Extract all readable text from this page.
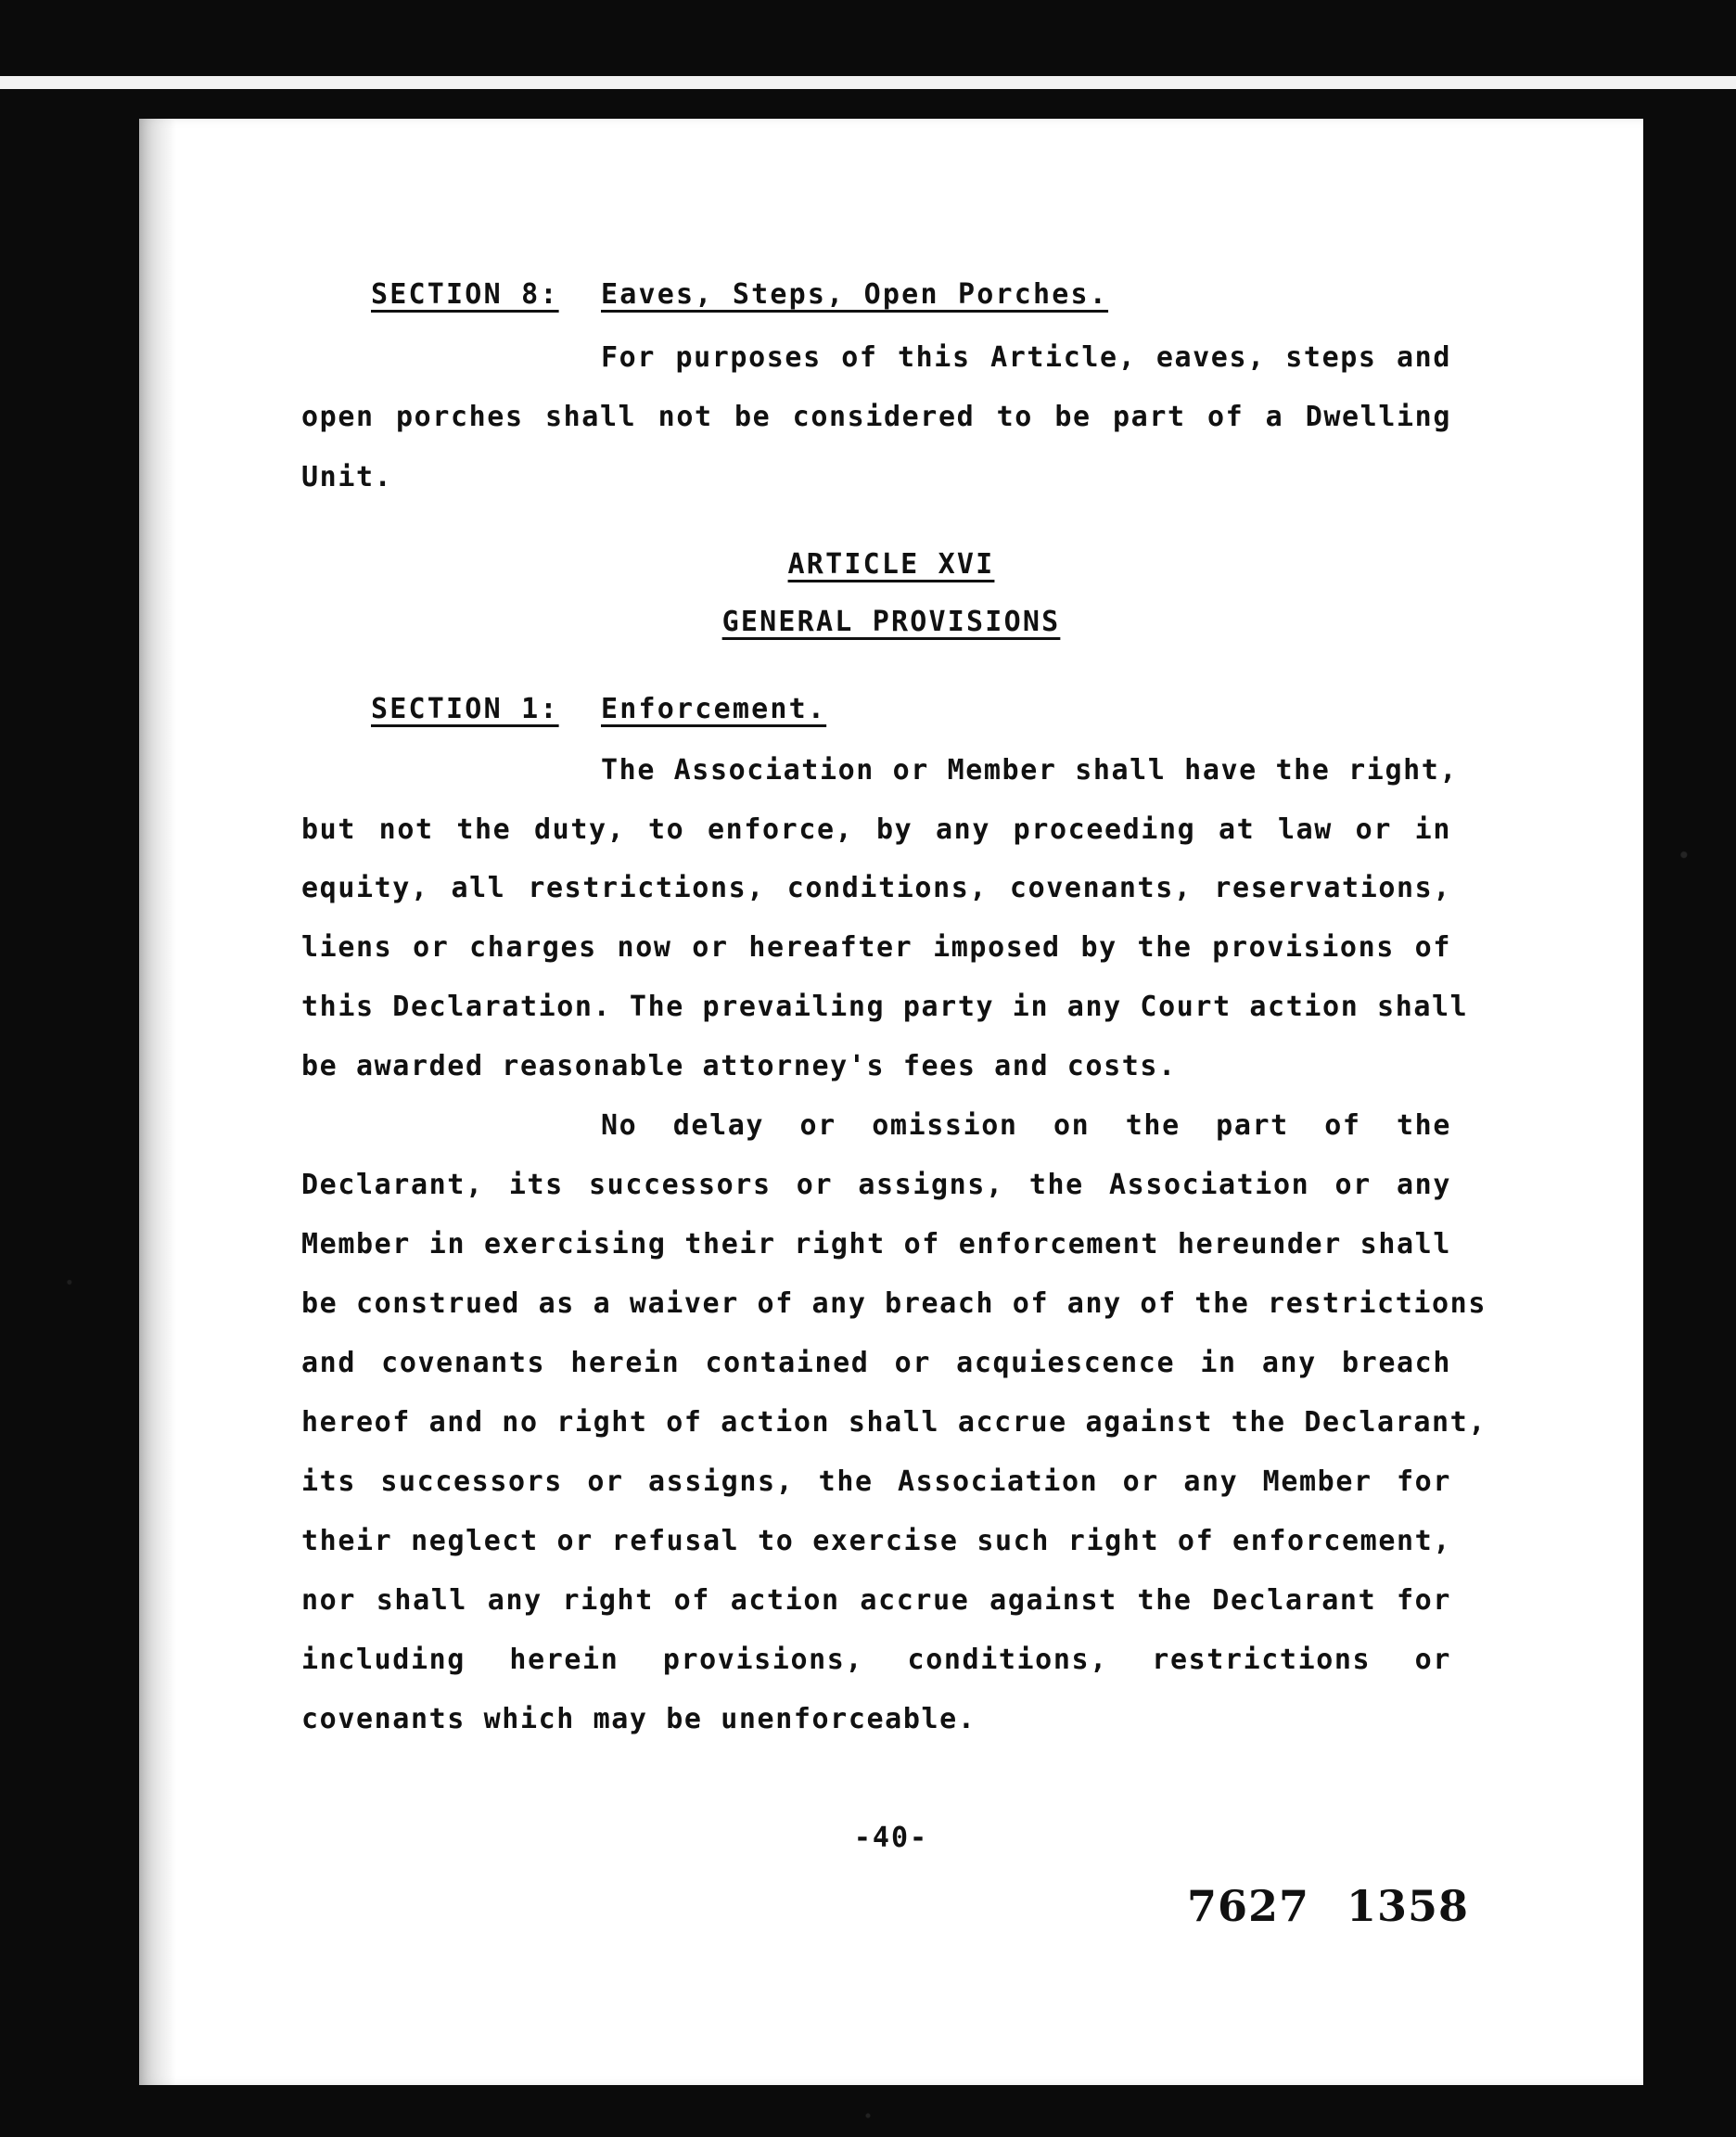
SECTION 8: Eaves, Steps, Open Porches.
For purposes of this Article, eaves, steps and
open porches shall not be considered to be part of a Dwelling
Unit.
ARTICLE XVI
GENERAL PROVISIONS
SECTION 1: Enforcement.
The Association or Member shall have the right,
but not the duty, to enforce, by any proceeding at law or in
equity, all restrictions, conditions, covenants, reservations,
liens or charges now or hereafter imposed by the provisions of
this Declaration. The prevailing party in any Court action shall
be awarded reasonable attorney's fees and costs.
No delay or omission on the part of the
Declarant, its successors or assigns, the Association or any
Member in exercising their right of enforcement hereunder shall
be construed as a waiver of any breach of any of the restrictions
and covenants herein contained or acquiescence in any breach
hereof and no right of action shall accrue against the Declarant,
its successors or assigns, the Association or any Member for
their neglect or refusal to exercise such right of enforcement,
nor shall any right of action accrue against the Declarant for
including herein provisions, conditions, restrictions or
covenants which may be unenforceable.
-40-
7627 1358
